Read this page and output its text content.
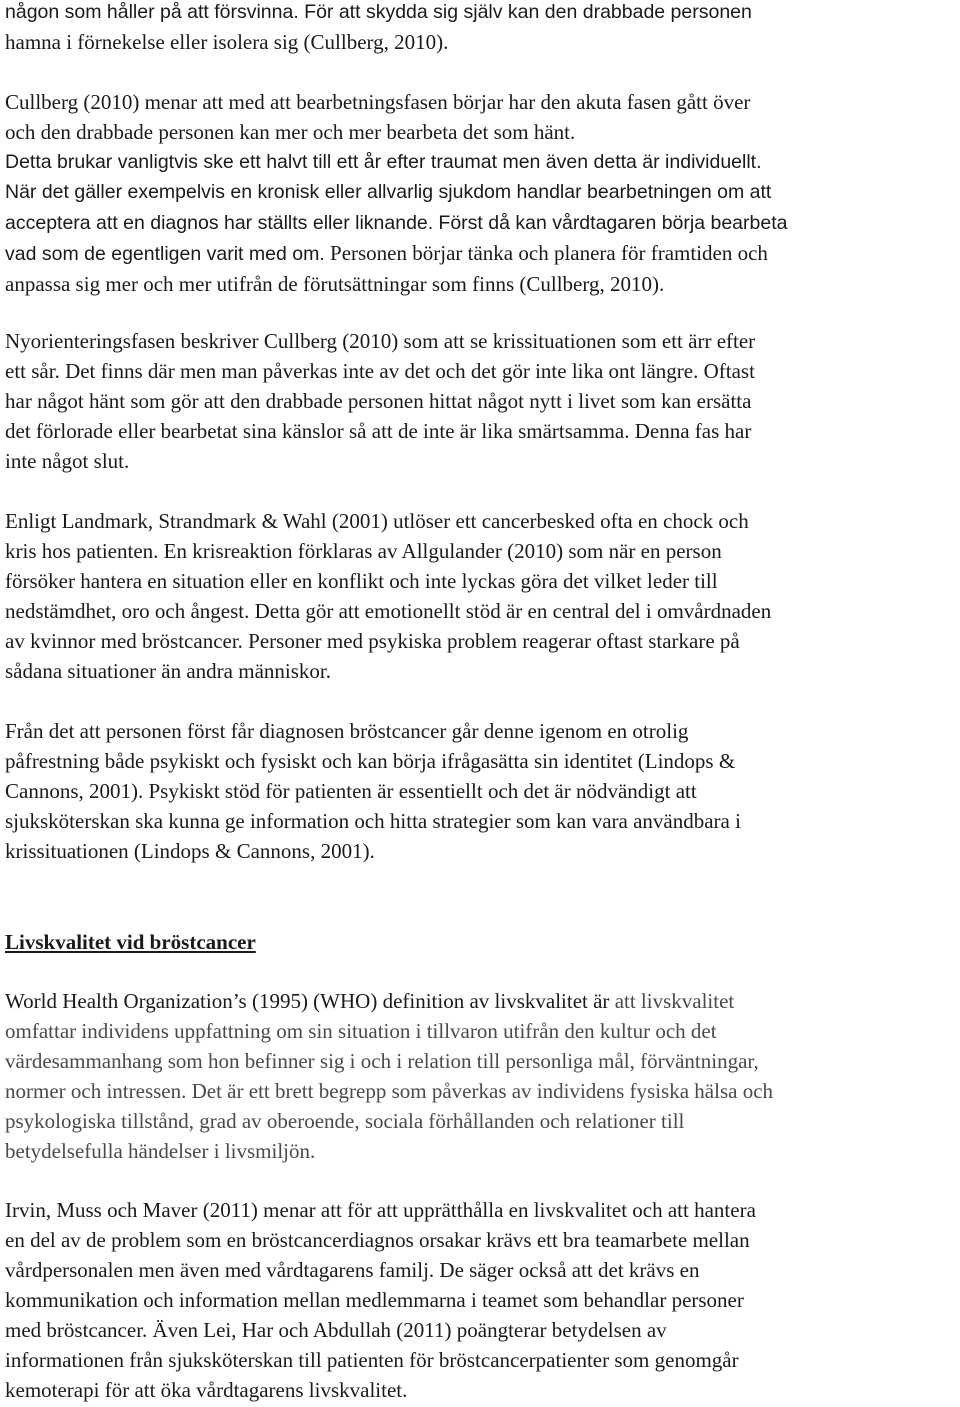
någon som håller på att försvinna. För att skydda sig själv kan den drabbade personen
hamna i förnekelse eller isolera sig (Cullberg, 2010).
Cullberg (2010) menar att med att bearbetningsfasen börjar har den akuta fasen gått över
och den drabbade personen kan mer och mer bearbeta det som hänt.
Detta brukar vanligtvis ske ett halvt till ett år efter traumat men även detta är individuellt.
När det gäller exempelvis en kronisk eller allvarlig sjukdom handlar bearbetningen om att
acceptera att en diagnos har ställts eller liknande. Först då kan vårdtagaren börja bearbeta
vad som de egentligen varit med om. Personen börjar tänka och planera för framtiden och
anpassa sig mer och mer utifrån de förutsättningar som finns (Cullberg, 2010).
Nyorienteringsfasen beskriver Cullberg (2010) som att se krissituationen som ett ärr efter
ett sår. Det finns där men man påverkas inte av det och det gör inte lika ont längre. Oftast
har något hänt som gör att den drabbade personen hittat något nytt i livet som kan ersätta
det förlorade eller bearbetat sina känslor så att de inte är lika smärtsamma. Denna fas har
inte något slut.
Enligt Landmark, Strandmark & Wahl (2001) utlöser ett cancerbesked ofta en chock och
kris hos patienten. En krisreaktion förklaras av Allgulander (2010) som när en person
försöker hantera en situation eller en konflikt och inte lyckas göra det vilket leder till
nedstämdhet, oro och ångest. Detta gör att emotionellt stöd är en central del i omvårdnaden
av kvinnor med bröstcancer. Personer med psykiska problem reagerar oftast starkare på
sådana situationer än andra människor.
Från det att personen först får diagnosen bröstcancer går denne igenom en otrolig
påfrestning både psykiskt och fysiskt och kan börja ifrågasätta sin identitet (Lindops &
Cannons, 2001). Psykiskt stöd för patienten är essentiellt och det är nödvändigt att
sjuksköterskan ska kunna ge information och hitta strategier som kan vara användbara i
krissituationen (Lindops & Cannons, 2001).
Livskvalitet vid bröstcancer
World Health Organization’s (1995) (WHO) definition av livskvalitet är att livskvalitet
omfattar individens uppfattning om sin situation i tillvaron utifrån den kultur och det
värdesammanhang som hon befinner sig i och i relation till personliga mål, förväntningar,
normer och intressen. Det är ett brett begrepp som påverkas av individens fysiska hälsa och
psykologiska tillstånd, grad av oberoende, sociala förhållanden och relationer till
betydelsefulla händelser i livsmiljön.
Irvin, Muss och Maver (2011) menar att för att upprätthålla en livskvalitet och att hantera
en del av de problem som en bröstcancerdiagnos orsakar krävs ett bra teamarbete mellan
vårdpersonalen men även med vårdtagarens familj. De säger också att det krävs en
kommunikation och information mellan medlemmarna i teamet som behandlar personer
med bröstcancer. Även Lei, Har och Abdullah (2011) poängterar betydelsen av
informationen från sjuksköterskan till patienten för bröstcancerpatienter som genomgår
kemoterapi för att öka vårdtagarens livskvalitet.
